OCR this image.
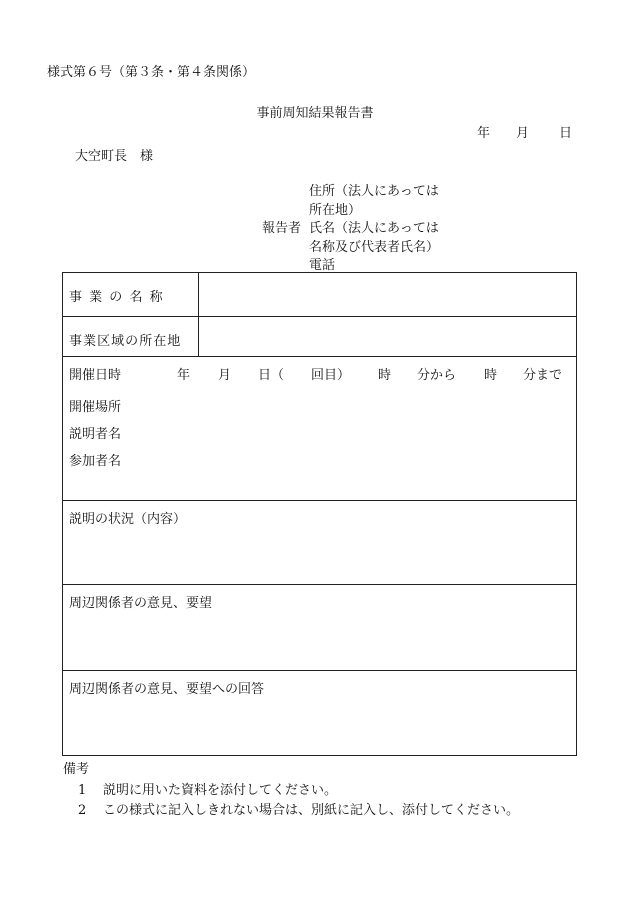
様式第６号（第３条・第４条関係）
事前周知結果報告書
年 月 日
大空町長　様
報告者
住所（法人にあっては
所在地）
氏名（法人にあっては
名称及び代表者氏名）
電話
事業の名称
事業区域の所在地
開催日時	年 月 日（ 回目） 時 分から 時 分まで
開催場所
説明者名
参加者名
説明の状況（内容）
周辺関係者の意見、要望
周辺関係者の意見、要望への回答
備考
1 説明に用いた資料を添付してください。
2 この様式に記入しきれない場合は、別紙に記入し、添付してください。
